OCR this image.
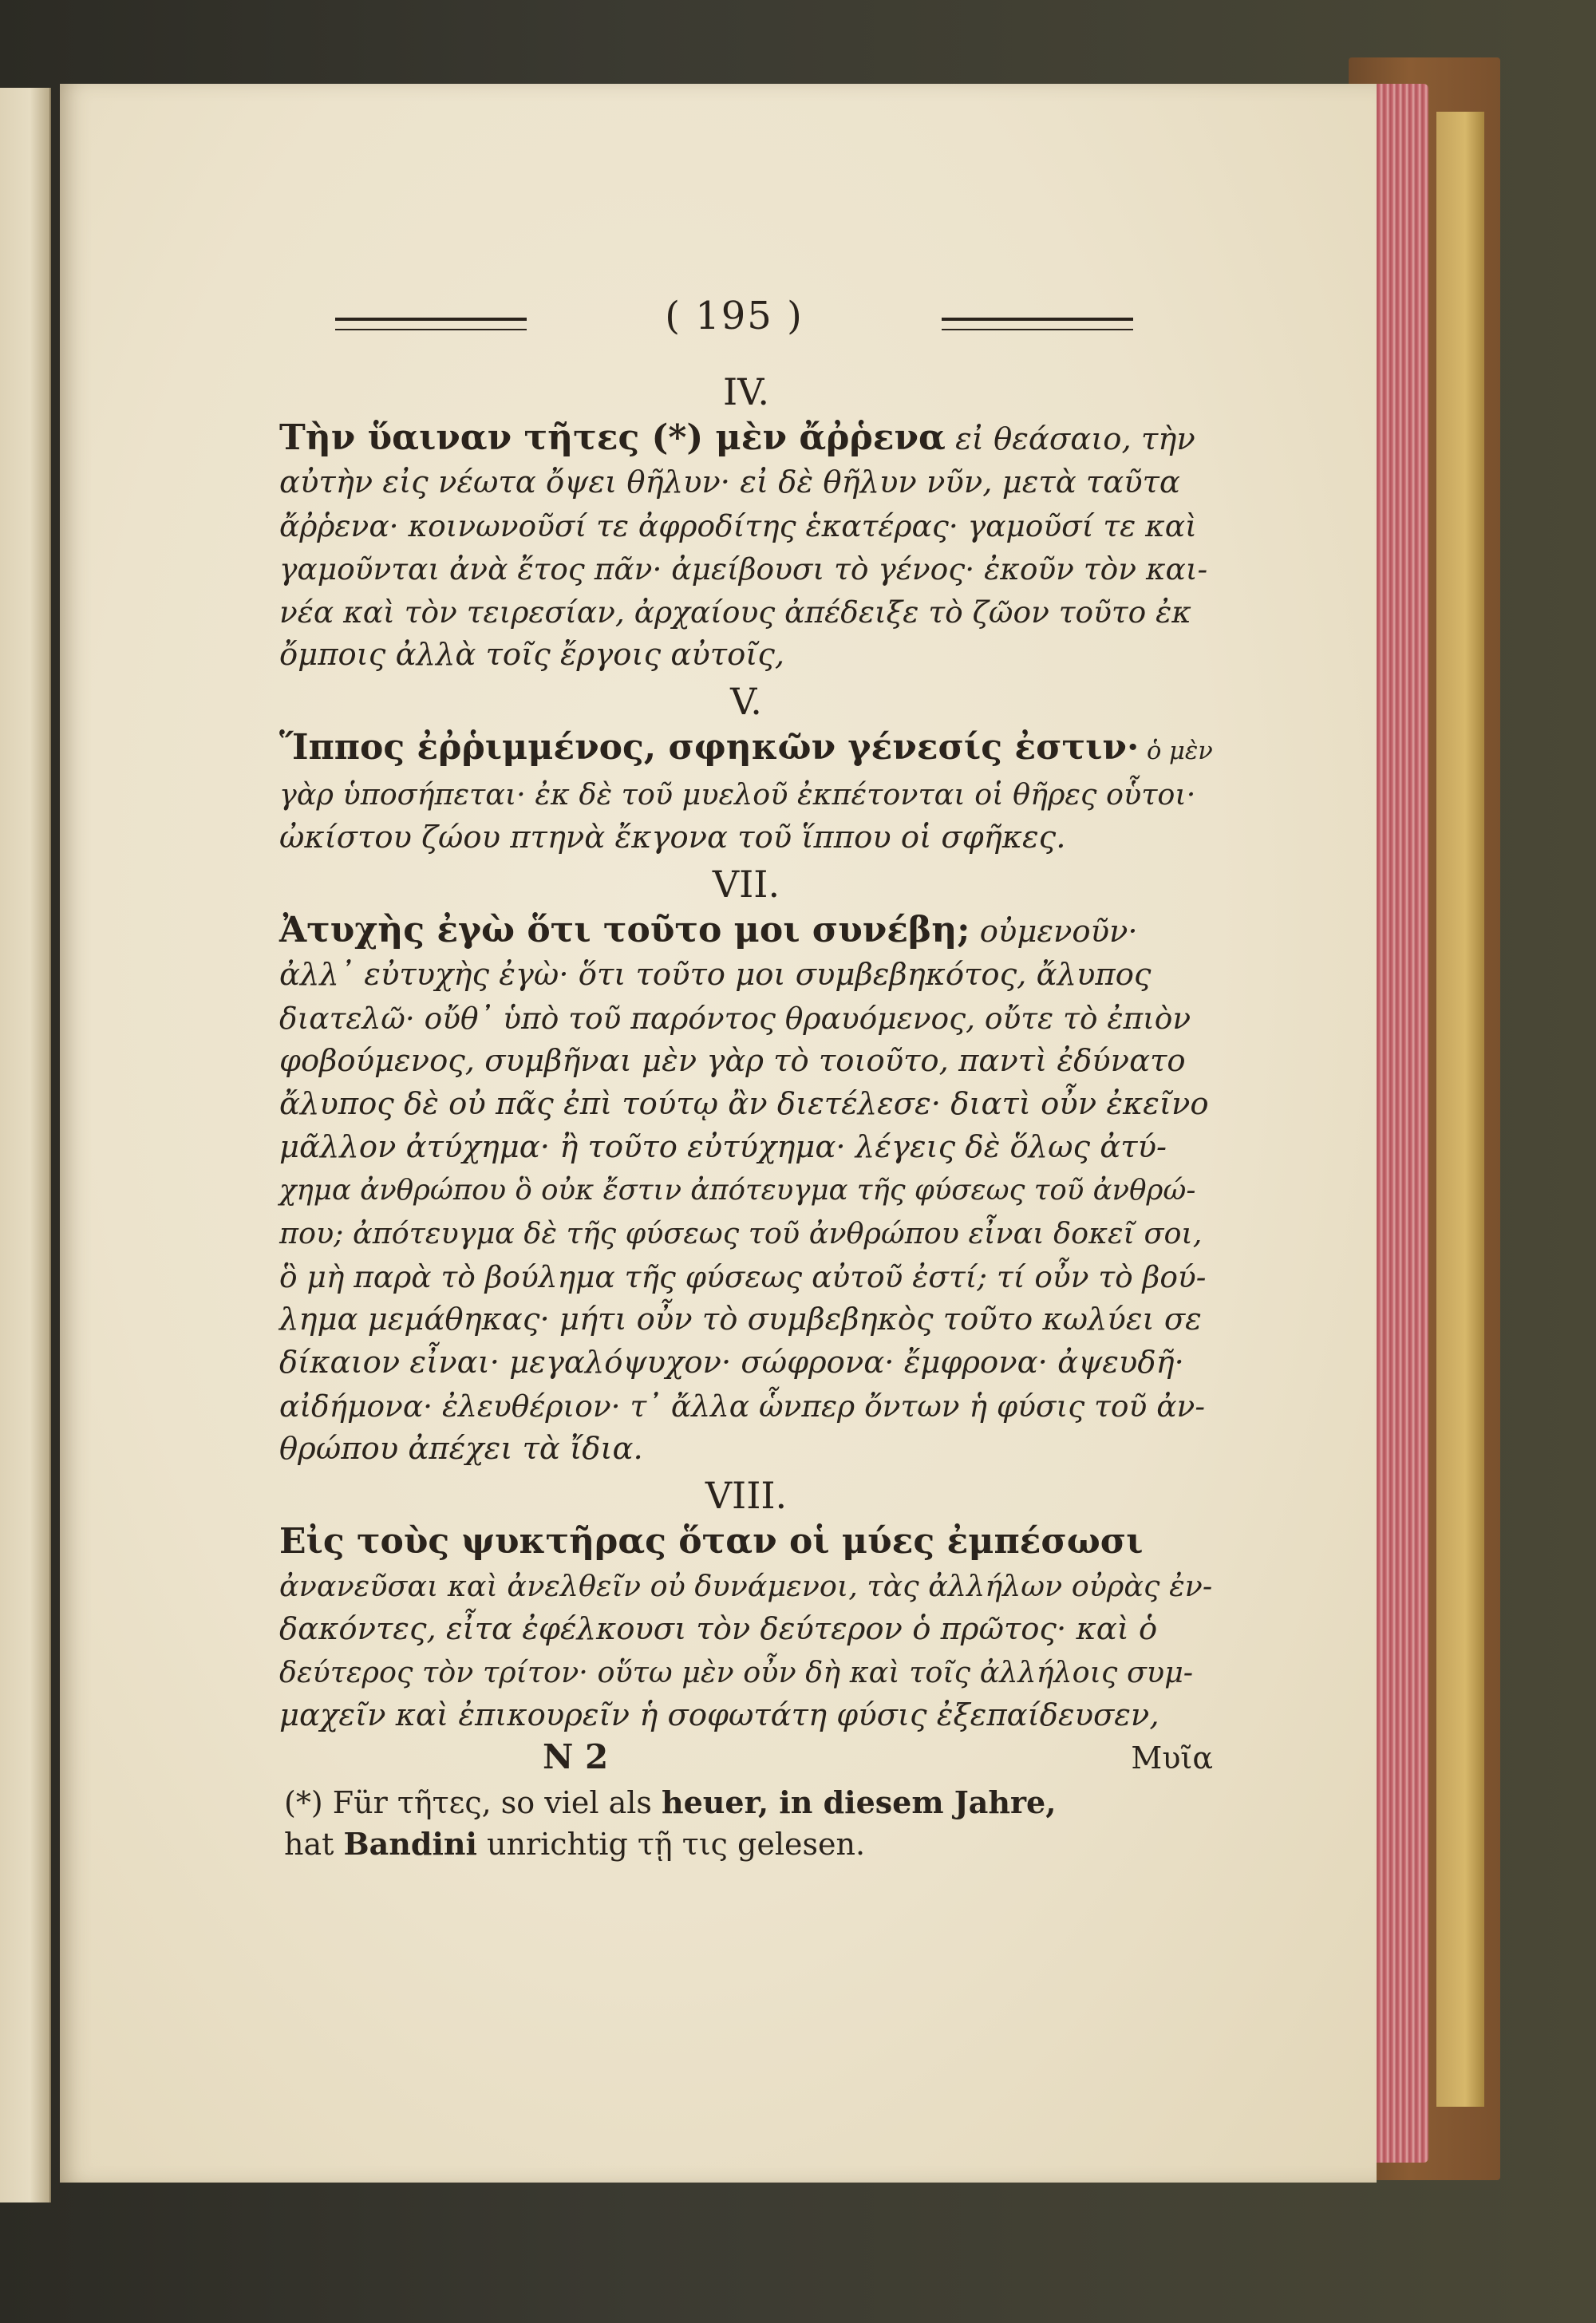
( 195 )

IV.

Τὴν ὕαιναν τῆτες (*) μὲν ἄῤῥενα εἰ θεάσαιο, τὴν
αὐτὴν εἰς νέωτα ὄψει θῆλυν· εἰ δὲ θῆλυν νῦν, μετὰ ταῦτα
ἄῤῥενα· κοινωνοῦσί τε ἀφροδίτης ἑκατέρας· γαμοῦσί τε καὶ
γαμοῦνται ἀνὰ ἔτος πᾶν· ἀμείβουσι τὸ γένος· ἐκοῦν τὸν και-
νέα καὶ τὸν τειρεσίαν, ἀρχαίους ἀπέδειξε τὸ ζῶον τοῦτο ἐκ
ὄμποις ἀλλὰ τοῖς ἔργοις αὐτοῖς,

V.

Ἵππος ἐῤῥιμμένος, σφηκῶν γένεσίς ἐστιν· ὁ μὲν
γὰρ ὑποσήπεται· ἐκ δὲ τοῦ μυελοῦ ἐκπέτονται οἱ θῆρες οὗτοι·
ὠκίστου ζώου πτηνὰ ἔκγονα τοῦ ἵππου οἱ σφῆκες.

VII.

Ἀτυχὴς ἐγὼ ὅτι τοῦτο μοι συνέβη; οὐμενοῦν·
ἀλλ᾽ εὐτυχὴς ἐγὼ· ὅτι τοῦτο μοι συμβεβηκότος, ἄλυπος
διατελῶ· οὔθ᾽ ὑπὸ τοῦ παρόντος θραυόμενος, οὔτε τὸ ἐπιὸν
φοβούμενος, συμβῆναι μὲν γὰρ τὸ τοιοῦτο, παντὶ ἐδύνατο
ἄλυπος δὲ οὐ πᾶς ἐπὶ τούτῳ ἂν διετέλεσε· διατὶ οὖν ἐκεῖνο
μᾶλλον ἀτύχημα· ἢ τοῦτο εὐτύχημα· λέγεις δὲ ὅλως ἀτύ-
χημα ἀνθρώπου ὃ οὐκ ἔστιν ἀπότευγμα τῆς φύσεως τοῦ ἀνθρώ-
που; ἀπότευγμα δὲ τῆς φύσεως τοῦ ἀνθρώπου εἶναι δοκεῖ σοι,
ὃ μὴ παρὰ τὸ βούλημα τῆς φύσεως αὐτοῦ ἐστί; τί οὖν τὸ βού-
λημα μεμάθηκας· μήτι οὖν τὸ συμβεβηκὸς τοῦτο κωλύει σε
δίκαιον εἶναι· μεγαλόψυχον· σώφρονα· ἔμφρονα· ἀψευδῆ·
αἰδήμονα· ἐλευθέριον· τ᾽ ἄλλα ὧνπερ ὄντων ἡ φύσις τοῦ ἀν-
θρώπου ἀπέχει τὰ ἴδια.

VIII.

Εἰς τοὺς ψυκτῆρας ὅταν οἱ μύες ἐμπέσωσι
ἀνανεῦσαι καὶ ἀνελθεῖν οὐ δυνάμενοι, τὰς ἀλλήλων οὐρὰς ἐν-
δακόντες, εἶτα ἐφέλκουσι τὸν δεύτερον ὁ πρῶτος· καὶ ὁ
δεύτερος τὸν τρίτον· οὕτω μὲν οὖν δὴ καὶ τοῖς ἀλλήλοις συμ-
μαχεῖν καὶ ἐπικουρεῖν ἡ σοφωτάτη φύσις ἐξεπαίδευσεν,

N 2	Μυῖα
(*) Für τῆτες, so viel als heuer, in diesem Jahre,
hat Bandini unrichtig τῇ τις gelesen.
